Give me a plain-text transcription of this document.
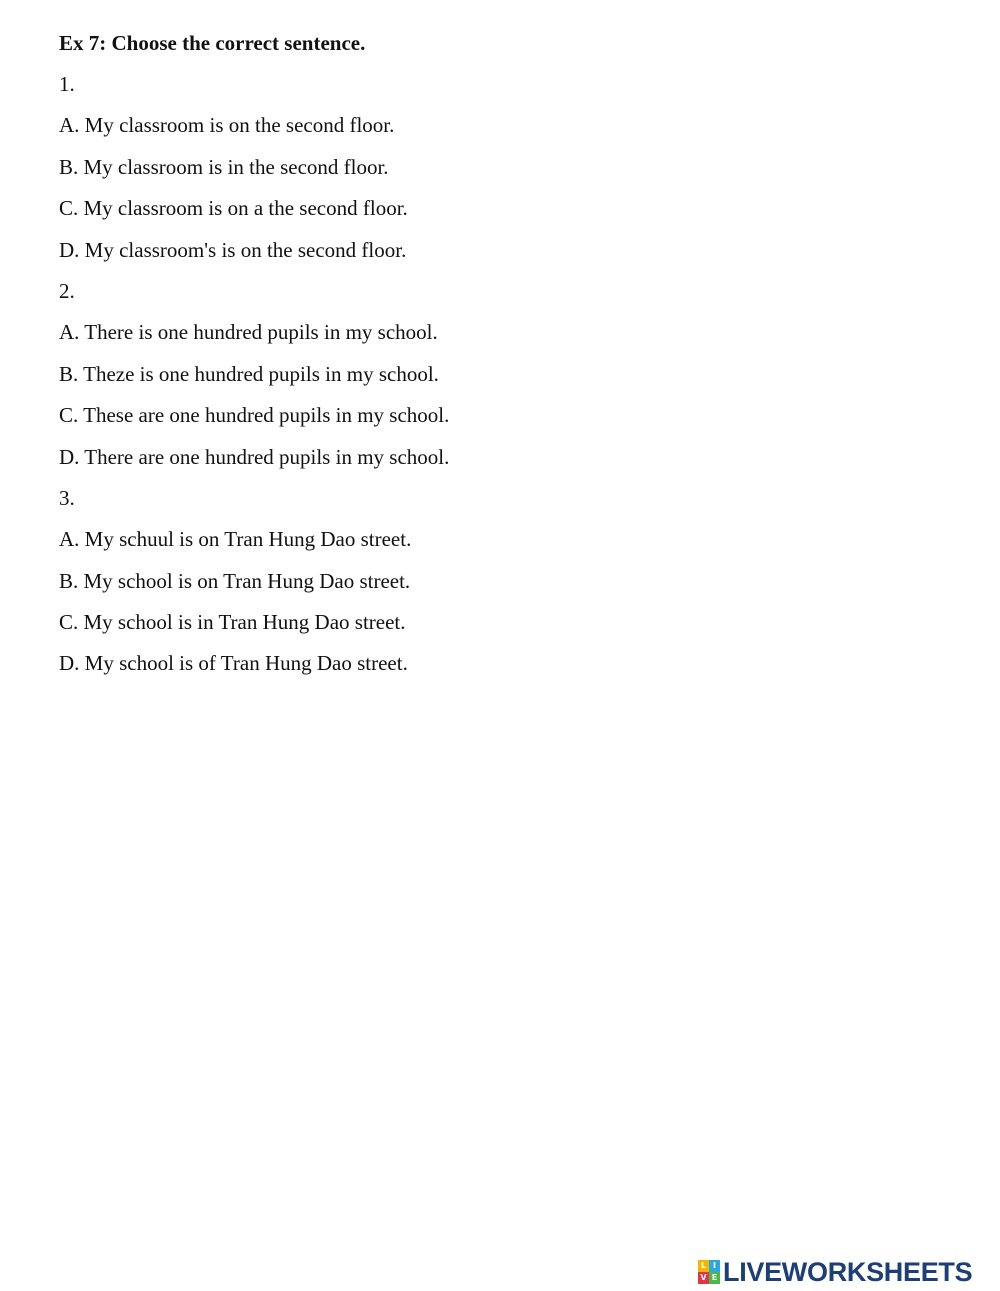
Ex 7: Choose the correct sentence.
1.
A. My classroom is on the second floor.
B. My classroom is in the second floor.
C. My classroom is on a the second floor.
D. My classroom's is on the second floor.
2.
A. There is one hundred pupils in my school.
B. Theze is one hundred pupils in my school.
C. These are one hundred pupils in my school.
D. There are one hundred pupils in my school.
3.
A. My schuul is on Tran Hung Dao street.
B. My school is on Tran Hung Dao street.
C. My school is in Tran Hung Dao street.
D. My school is of Tran Hung Dao street.
L I
V E LIVEWORKSHEETS
